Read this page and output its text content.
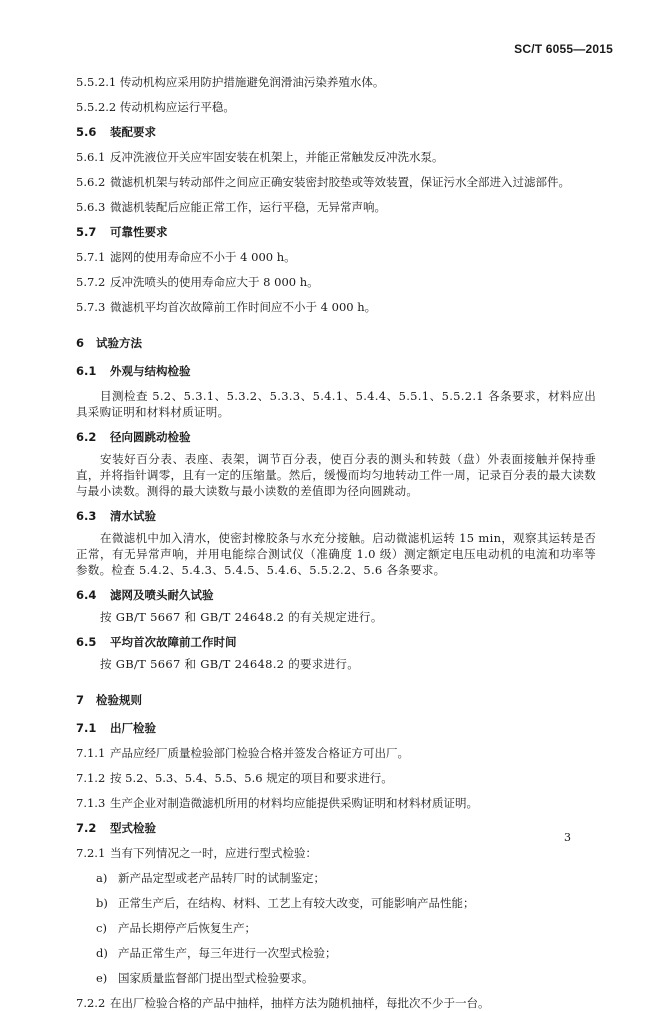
SC/T 6055—2015
5.5.2.1
传动机构应采用防护措施避免润滑油污染养殖水体。
5.5.2.2
传动机构应运行平稳。
5.6	装配要求
5.6.1 反冲洗液位开关应牢固安装在机架上，并能正常触发反冲洗水泵。
5.6.2 微滤机机架与转动部件之间应正确安装密封胶垫或等效装置，保证污水全部进入过滤部件。
5.6.3 微滤机装配后应能正常工作，运行平稳，无异常声响。
5.7	可靠性要求
5.7.1 滤网的使用寿命应不小于 4 000 h。
5.7.2 反冲洗喷头的使用寿命应大于 8 000 h。
5.7.3 微滤机平均首次故障前工作时间应不小于 4 000 h。
6	试验方法
6.1	外观与结构检验
目测检查 5.2、5.3.1、5.3.2、5.3.3、5.4.1、5.4.4、5.5.1、5.5.2.1 各条要求，材料应出具采购证明和材料材质证明。
6.2	径向圆跳动检验
安装好百分表、表座、表架，调节百分表，使百分表的测头和转鼓（盘）外表面接触并保持垂直，并将指针调零，且有一定的压缩量。然后，缓慢而均匀地转动工件一周，记录百分表的最大读数与最小读数。测得的最大读数与最小读数的差值即为径向圆跳动。
6.3	清水试验
在微滤机中加入清水，使密封橡胶条与水充分接触。启动微滤机运转 15 min，观察其运转是否正常，有无异常声响，并用电能综合测试仪（准确度 1.0 级）测定额定电压电动机的电流和功率等参数。检查 5.4.2、5.4.3、5.4.5、5.4.6、5.5.2.2、5.6 各条要求。
6.4	滤网及喷头耐久试验
按 GB/T 5667 和 GB/T 24648.2 的有关规定进行。
6.5	平均首次故障前工作时间
按 GB/T 5667 和 GB/T 24648.2 的要求进行。
7	检验规则
7.1	出厂检验
7.1.1 产品应经厂质量检验部门检验合格并签发合格证方可出厂。
7.1.2 按 5.2、5.3、5.4、5.5、5.6 规定的项目和要求进行。
7.1.3 生产企业对制造微滤机所用的材料均应能提供采购证明和材料材质证明。
7.2	型式检验
7.2.1 当有下列情况之一时，应进行型式检验：
a) 新产品定型或老产品转厂时的试制鉴定；
b) 正常生产后，在结构、材料、工艺上有较大改变，可能影响产品性能；
c) 产品长期停产后恢复生产；
d) 产品正常生产，每三年进行一次型式检验；
e) 国家质量监督部门提出型式检验要求。
7.2.2 在出厂检验合格的产品中抽样，抽样方法为随机抽样，每批次不少于一台。
3
